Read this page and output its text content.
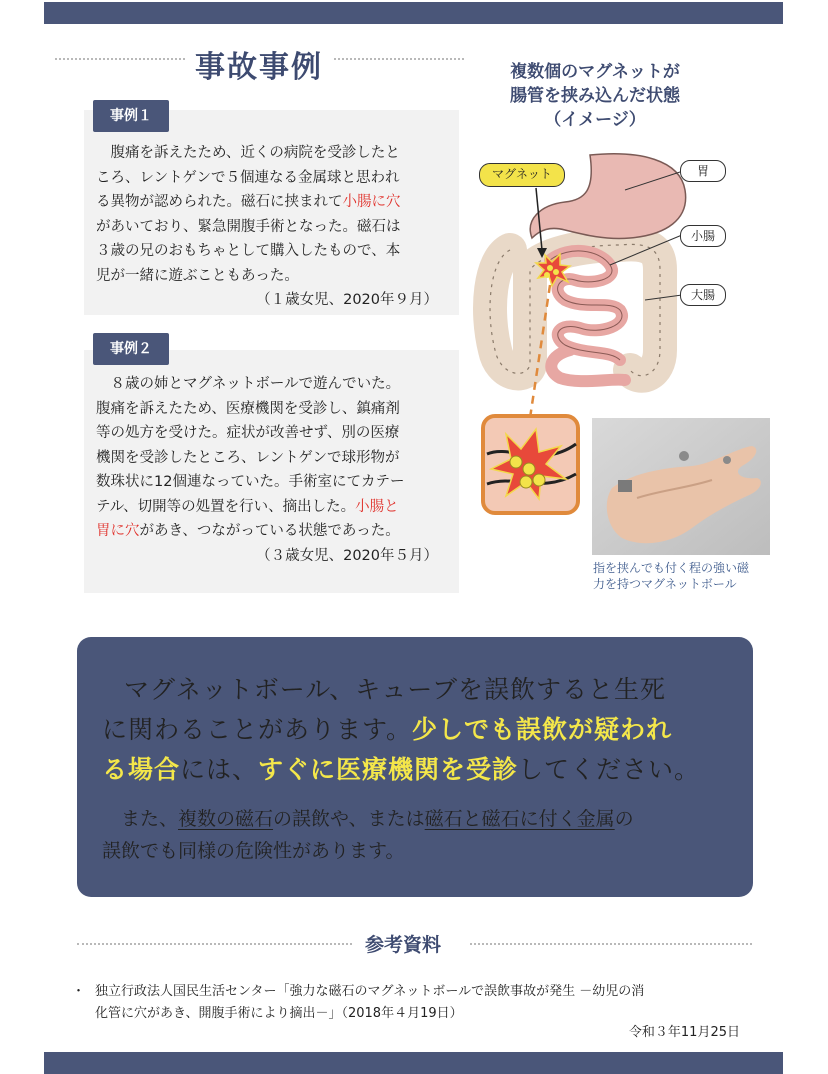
事故事例
事例１
　腹痛を訴えたため、近くの病院を受診したと
ころ、レントゲンで５個連なる金属球と思われ
る異物が認められた。磁石に挟まれて小腸に穴
があいており、緊急開腹手術となった。磁石は
３歳の兄のおもちゃとして購入したもので、本
児が一緒に遊ぶこともあった。
（１歳女児、2020年９月）
事例２
　８歳の姉とマグネットボールで遊んでいた。
腹痛を訴えたため、医療機関を受診し、鎮痛剤
等の処方を受けた。症状が改善せず、別の医療
機関を受診したところ、レントゲンで球形物が
数珠状に12個連なっていた。手術室にてカテー
テル、切開等の処置を行い、摘出した。小腸と
胃に穴があき、つながっている状態であった。
（３歳女児、2020年５月）
複数個のマグネットが
腸管を挟み込んだ状態
（イメージ）
マグネット	胃
小腸
大腸
指を挟んでも付く程の強い磁
力を持つマグネットボール
マグネットボール、キューブを誤飲すると生死
に関わることがあります。少しでも誤飲が疑われ
る場合には、すぐに医療機関を受診してください。
　また、複数の磁石の誤飲や、または磁石と磁石に付く金属の
誤飲でも同様の危険性があります。
参考資料
・ 独立行政法人国民生活センター「強力な磁石のマグネットボールで誤飲事故が発生 －幼児の消
化管に穴があき、開腹手術により摘出－」（2018年４月19日）
令和３年11月25日
